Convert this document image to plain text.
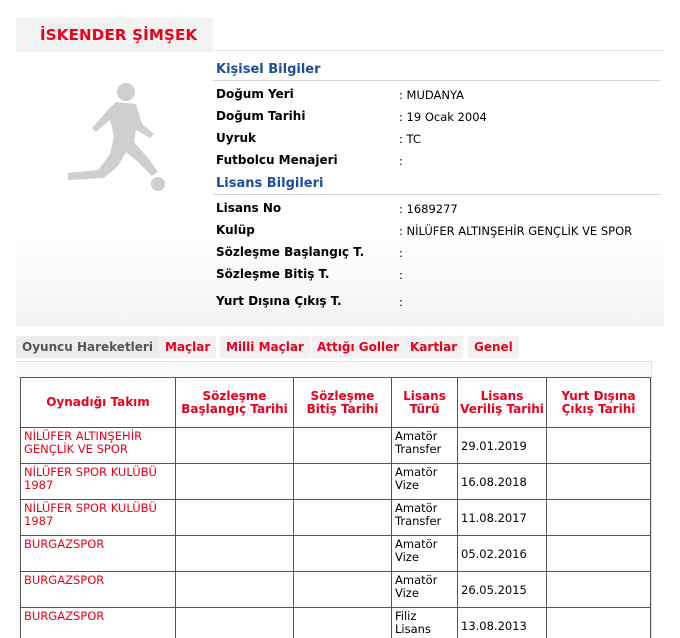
İSKENDER ŞİMŞEK
Kişisel Bilgiler
Doğum Yeri	: MUDANYA
Doğum Tarihi	: 19 Ocak 2004
Uyruk	: TC
Futbolcu Menajeri	:
Lisans Bilgileri
Lisans No	: 1689277
Kulüp	: NİLÜFER ALTINŞEHİR GENÇLİK VE SPOR
Sözleşme Başlangıç T.	:
Sözleşme Bitiş T.	:
Yurt Dışına Çıkış T.	:
Oyuncu Hareketleri	Maçlar	Milli Maçlar	Attığı Goller Kartlar	Genel
Oynadığı Takım	Sözleşme Başlangıç Tarihi	Sözleşme Bitiş Tarihi	Lisans Türü	Lisans Veriliş Tarihi	Yurt Dışına Çıkış Tarihi
NİLÜFER ALTINŞEHİR GENÇLİK VE SPOR			Amatör Transfer	29.01.2019	
NİLÜFER SPOR KULÜBÜ 1987			Amatör Vize	16.08.2018	
NİLÜFER SPOR KULÜBÜ 1987			Amatör Transfer	11.08.2017	
BURGAZSPOR			Amatör Vize	05.02.2016	
BURGAZSPOR			Amatör Vize	26.05.2015	
BURGAZSPOR			Filiz Lisans	13.08.2013	
